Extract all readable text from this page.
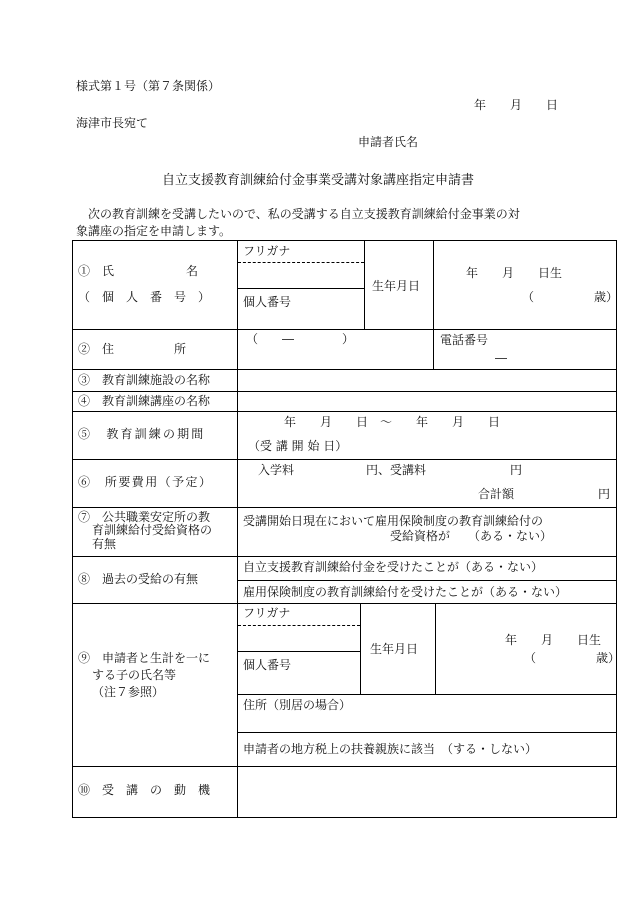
様式第１号（第７条関係）
年　　月　　日
海津市長宛て
申請者氏名
自立支援教育訓練給付金事業受講対象講座指定申請書
　次の教育訓練を受講したいので、私の受講する自立支援教育訓練給付金事業の対
象講座の指定を申請します。
①　氏　　　　　　名
（　個　人　番　号　）
フリガナ
個人番号
生年月日
年　　月　　日生
（　　　　　歳）
②　住　　　　　所
（　　―　　　　）	電話番号
―
③　教育訓練施設の名称
④　教育訓練講座の名称
⑤　教育訓練の期間
年　　月　　日　～　　年　　月　　日
（受 講 開 始 日）
⑥　所要費用（予定）
入学料　　　　　　円、受講料　　　　　　　円
合計額　　　　　　　円
⑦　公共職業安定所の教
育訓練給付受給資格の
有無
受講開始日現在において雇用保険制度の教育訓練給付の
受給資格が　　（ある・ない）
⑧　過去の受給の有無
自立支援教育訓練給付金を受けたことが（ある・ない）
雇用保険制度の教育訓練給付を受けたことが（ある・ない）
⑨　申請者と生計を一に
する子の氏名等
（注７参照）
フリガナ
個人番号
生年月日
年　　月　　日生
（　　　　　歳）
住所（別居の場合）
申請者の地方税上の扶養親族に該当　（する・しない）
⑩　受　講　の　動　機
